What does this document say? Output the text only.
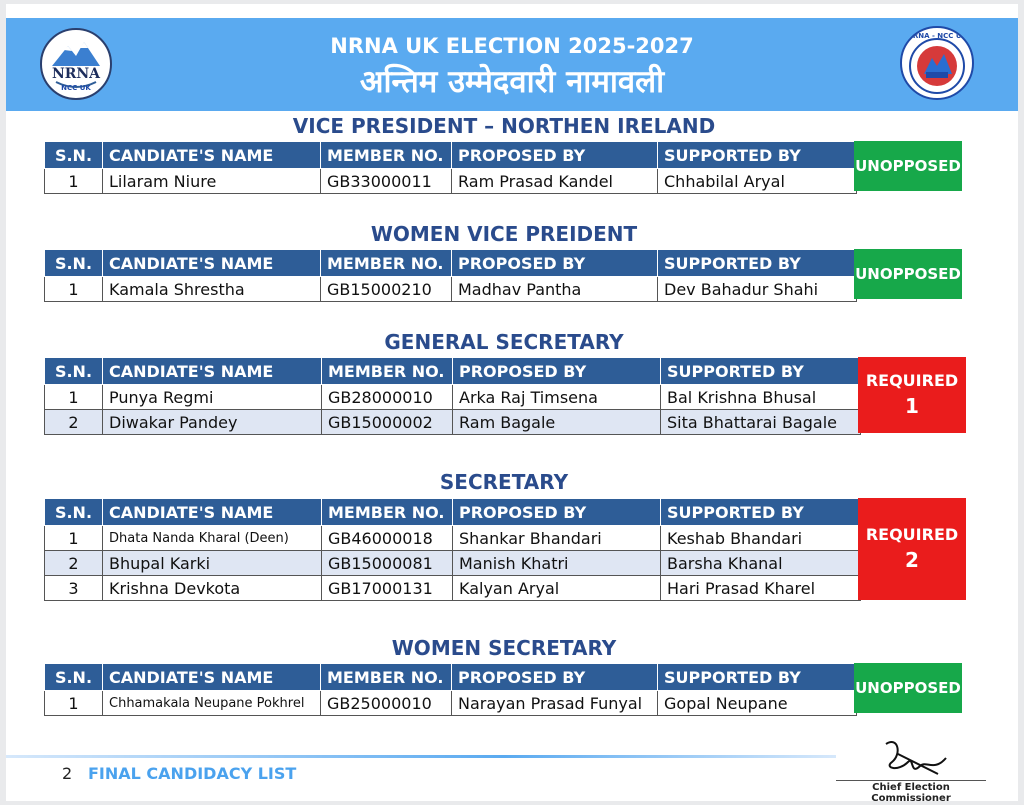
NRNA
NCC UK
NRNA UK ELECTION 2025-2027
अन्तिम उम्मेदवारी नामावली
NRNA - NCC UK
VICE PRESIDENT – NORTHEN IRELAND
S.N.	CANDIATE'S NAME	MEMBER NO.	PROPOSED BY	SUPPORTED BY
1	Lilaram Niure	GB33000011	Ram Prasad Kandel	Chhabilal Aryal
UNOPPOSED
WOMEN VICE PREIDENT
S.N.	CANDIATE'S NAME	MEMBER NO.	PROPOSED BY	SUPPORTED BY
1	Kamala Shrestha	GB15000210	Madhav Pantha	Dev Bahadur Shahi
UNOPPOSED
GENERAL SECRETARY
S.N.	CANDIATE'S NAME	MEMBER NO.	PROPOSED BY	SUPPORTED BY
1	Punya Regmi	GB28000010	Arka Raj Timsena	Bal Krishna Bhusal
2	Diwakar Pandey	GB15000002	Ram Bagale	Sita Bhattarai Bagale
REQUIRED
1
SECRETARY
S.N.	CANDIATE'S NAME	MEMBER NO.	PROPOSED BY	SUPPORTED BY
1	Dhata Nanda Kharal (Deen)	GB46000018	Shankar Bhandari	Keshab Bhandari
2	Bhupal Karki	GB15000081	Manish Khatri	Barsha Khanal
3	Krishna Devkota	GB17000131	Kalyan Aryal	Hari Prasad Kharel
REQUIRED
2
WOMEN SECRETARY
S.N.	CANDIATE'S NAME	MEMBER NO.	PROPOSED BY	SUPPORTED BY
1	Chhamakala Neupane Pokhrel	GB25000010	Narayan Prasad Funyal	Gopal Neupane
UNOPPOSED
2 FINAL CANDIDACY LIST
Chief Election Commissioner
